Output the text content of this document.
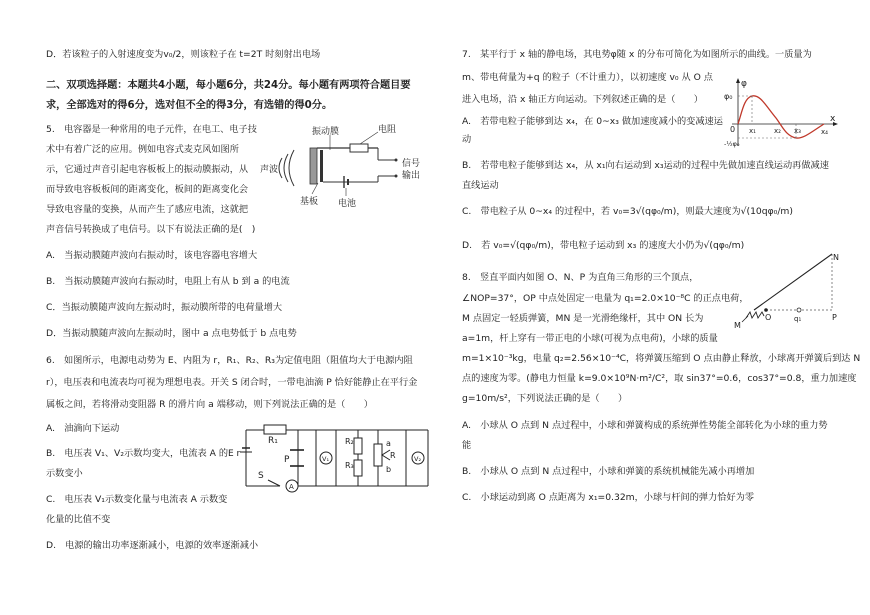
D．若该粒子的入射速度变为v₀/2，则该粒子在 t=2T 时刻射出电场
二、双项选择题：本题共4小题，每小题6分，共24分。每小题有两项符合题目要
求，全部选对的得6分，选对但不全的得3分，有选错的得0分。
5.　电容器是一种常用的电子元件，在电工、电子技
术中有着广泛的应用。例如电容式麦克风如图所
示，它通过声音引起电容板板上的振动膜振动，从
而导致电容板板间的距离变化，板间的距离变化会
导致电容量的变换，从而产生了感应电流，这就把
声音信号转换成了电信号。以下有说法正确的是(　)
振动膜	电阻
声波
信号
输出
基板 电池
A.　当振动膜随声波向右振动时，该电容器电容增大
B.　当振动膜随声波向右振动时，电阻上有从 b 到 a 的电流
C．当振动膜随声波向左振动时，振动膜所带的电荷量增大
D．当振动膜随声波向左振动时，图中 a 点电势低于 b 点电势
6.　如图所示，电源电动势为 E、内阻为 r，R₁、R₂、R₃为定值电阻（阻值均大于电源内阻
r），电压表和电流表均可视为理想电表。开关 S 闭合时，一带电油滴 P 恰好能静止在平行金
属板之间，若将滑动变阻器 R 的滑片向 a 端移动，则下列说法正确的是（　　）
A.　油滴向下运动
B.　电压表 V₁、V₂示数均变大，电流表 A 的
示数变小
C.　电压表 V₁示数变化量与电流表 A 示数变
化量的比值不变
D.　电源的输出功率逐渐减小，电源的效率逐渐减小
E r
R₁	R₂
R₃
P	V₁	V₂
A
S
a
b
R
7.　某平行于 x 轴的静电场，其电势φ随 x 的分布可简化为如图所示的曲线。一质量为
m、带电荷量为+q 的粒子（不计重力），以初速度 v₀ 从 O 点
进入电场，沿 x 轴正方向运动。下列叙述正确的是（　　）
φ
φ₀
0
-½φ₀
x
x₁	x₂ x₃	x₄
A.　若带电粒子能够到达 x₄，在 0~x₃ 做加速度减小的变减速运
动
B.　若带电粒子能够到达 x₄，从 x₁向右运动到 x₃运动的过程中先做加速直线运动再做减速
直线运动
C.　带电粒子从 0~x₄ 的过程中，若 v₀=3√(qφ₀/m)，则最大速度为√(10qφ₀/m)
D.　若 v₀=√(qφ₀/m)，带电粒子运动到 x₃ 的速度大小仍为√(qφ₀/m)
8.　竖直平面内如图 O、N、P 为直角三角形的三个顶点，
∠NOP=37°，OP 中点处固定一电量为 q₁=2.0×10⁻⁸C 的正点电荷，
M 点固定一轻质弹簧，MN 是一光滑绝缘杆，其中 ON 长为
a=1m，杆上穿有一带正电的小球(可视为点电荷)，小球的质量
m=1×10⁻³kg，电量 q₂=2.56×10⁻⁴C，将弹簧压缩到 O 点由静止释放，小球离开弹簧后到达 N
点的速度为零。(静电力恒量 k=9.0×10⁹N·m²/C²，取 sin37°=0.6，cos37°=0.8，重力加速度
g=10m/s²，下列说法正确的是（　　）
N
O
M
P
q₁
A.　小球从 O 点到 N 点过程中，小球和弹簧构成的系统弹性势能全部转化为小球的重力势
能
B.　小球从 O 点到 N 点过程中，小球和弹簧的系统机械能先减小再增加
C.　小球运动到离 O 点距离为 x₁=0.32m，小球与杆间的弹力恰好为零
